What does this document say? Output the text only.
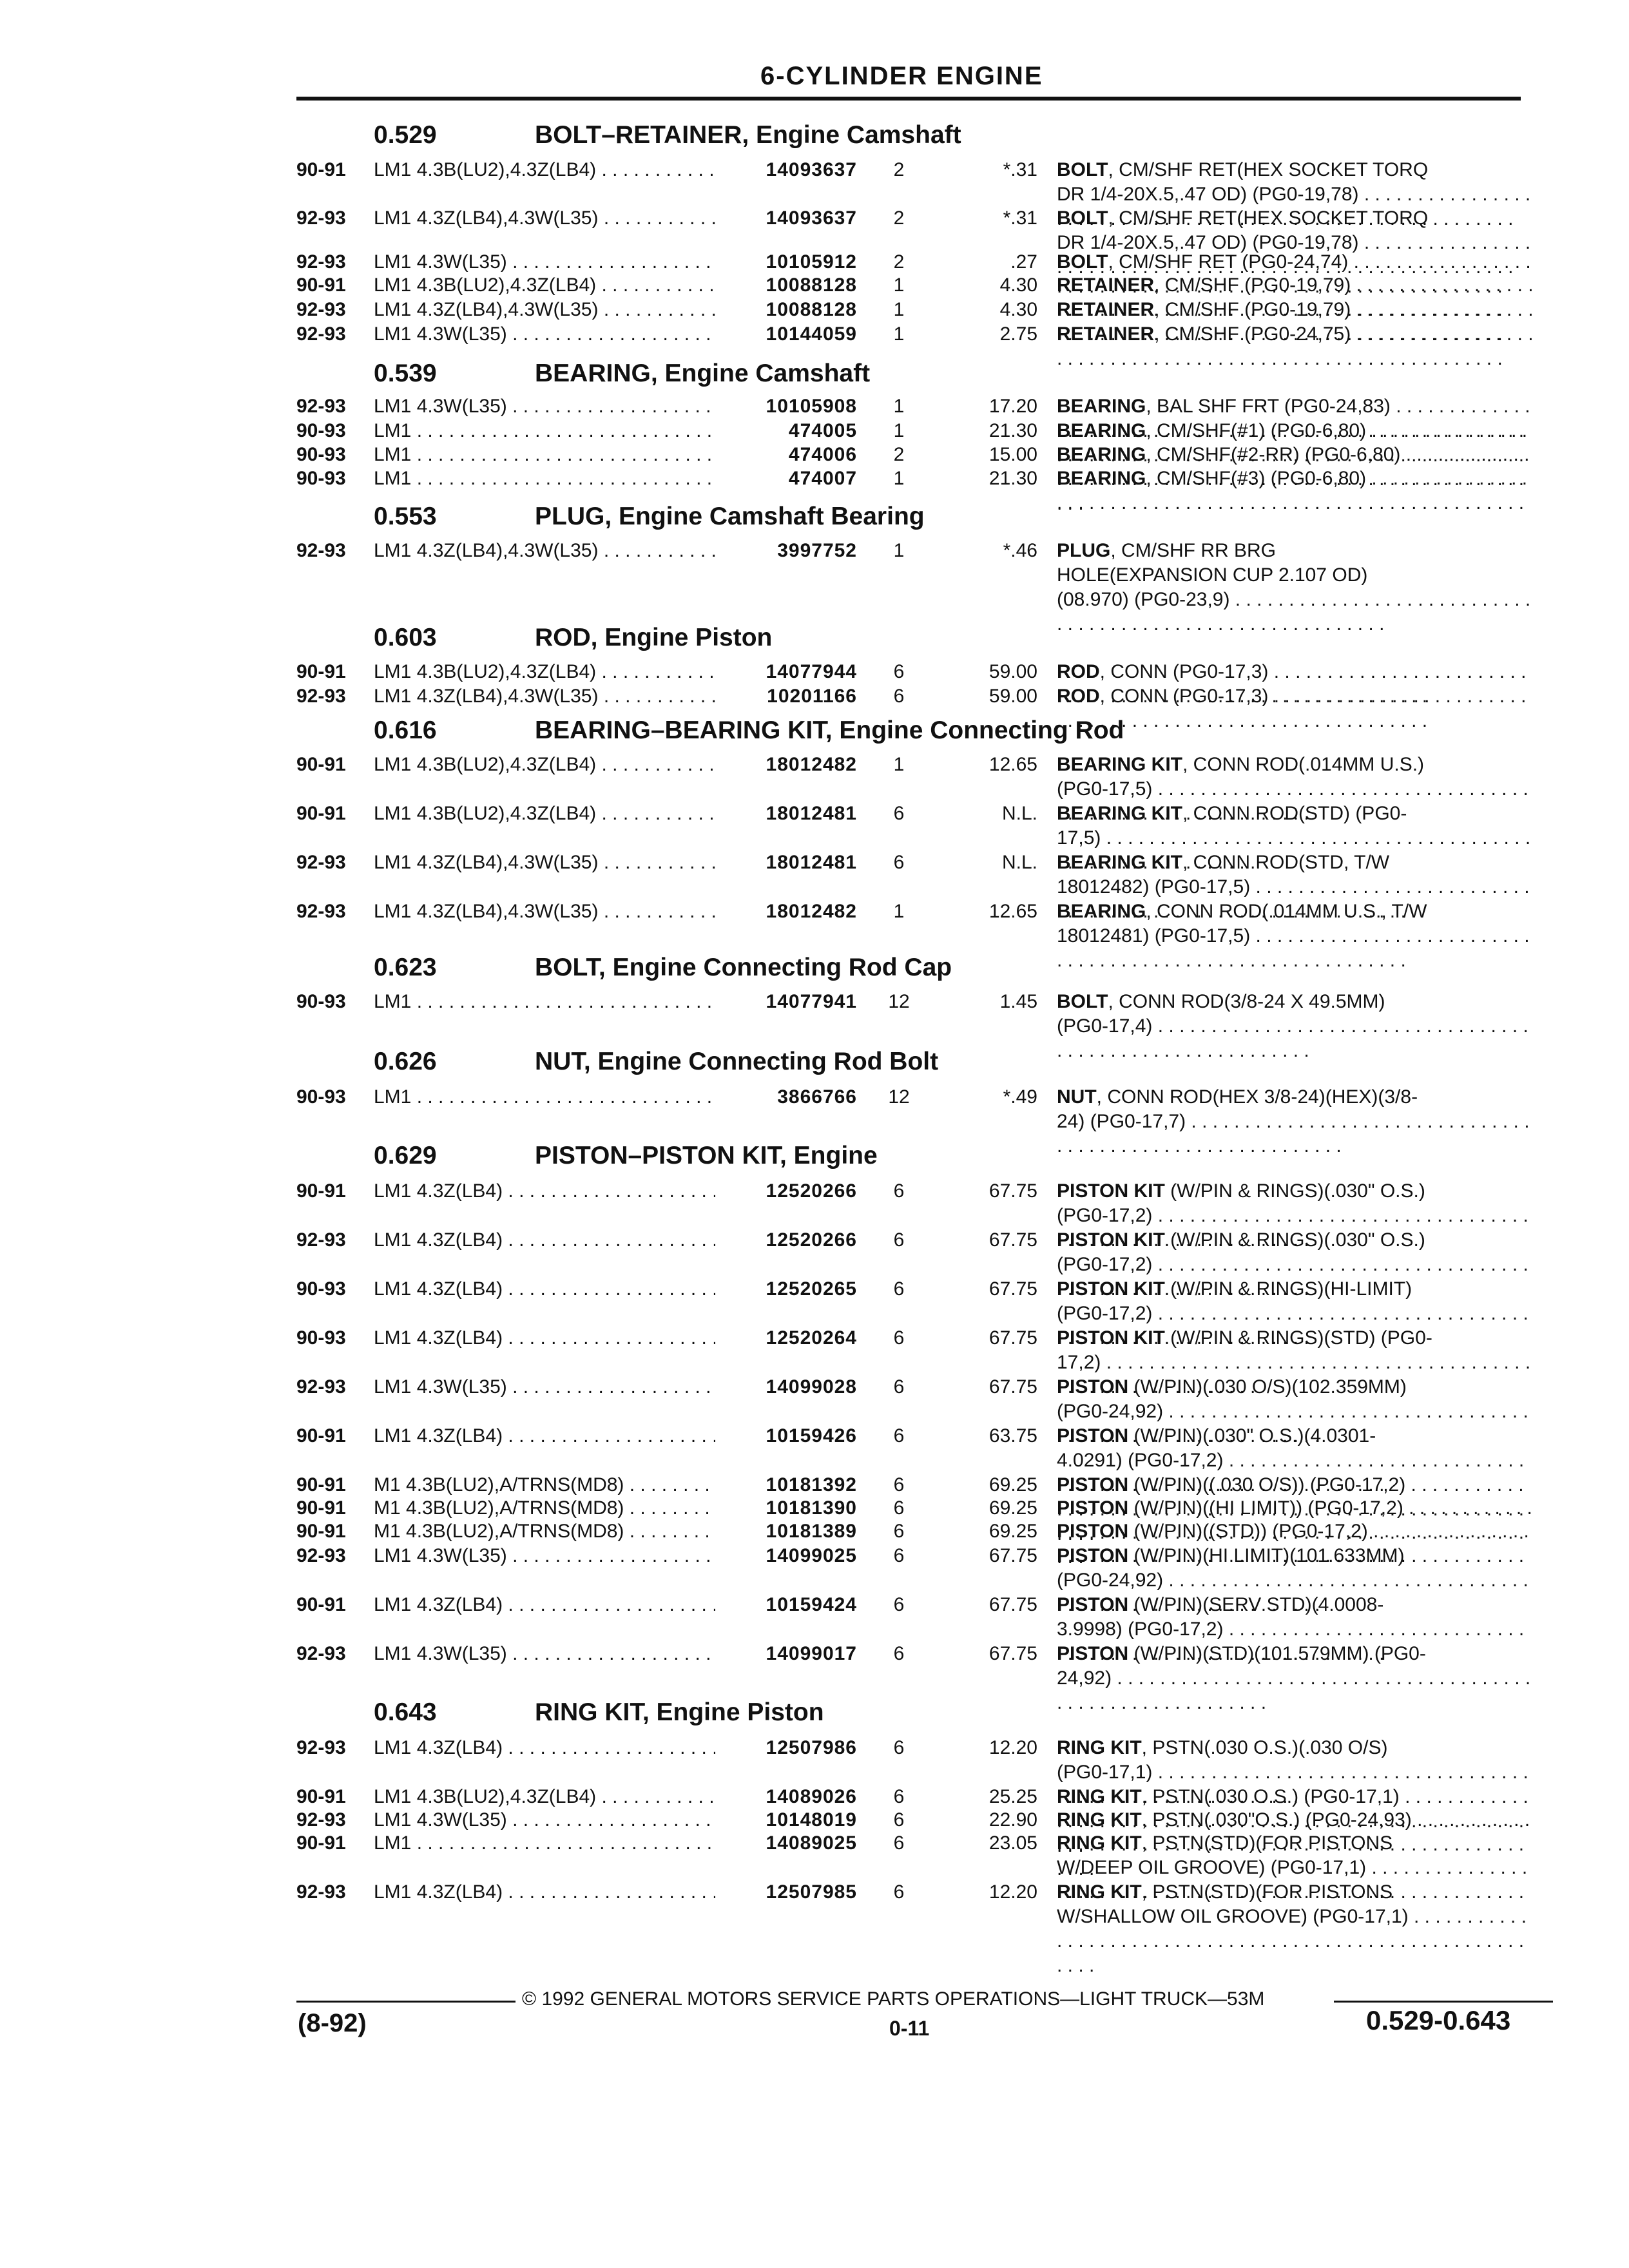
6-CYLINDER ENGINE
0.529	BOLT–RETAINER, Engine Camshaft
90-91 LM1 4.3B(LU2),4.3Z(LB4) . . .	14093637	2	*.31 BOLT, CM/SHF RET(HEX SOCKET TORQ
DR 1/4-20X.5,.47 OD) (PG0-19,78) . . .
92-93 LM1 4.3Z(LB4),4.3W(L35) . . .	14093637	2	*.31 BOLT, CM/SHF RET(HEX SOCKET TORQ
DR 1/4-20X.5,.47 OD) (PG0-19,78) . . .
92-93 LM1 4.3W(L35) . . .	10105912	2	.27 BOLT, CM/SHF RET (PG0-24,74) . . .
90-91 LM1 4.3B(LU2),4.3Z(LB4) . . .	10088128	1	4.30 RETAINER, CM/SHF (PG0-19,79) . . .
92-93 LM1 4.3Z(LB4),4.3W(L35) . . .	10088128	1	4.30 RETAINER, CM/SHF (PG0-19,79) . . .
92-93 LM1 4.3W(L35) . . .	10144059	1	2.75 RETAINER, CM/SHF (PG0-24,75) . . .
0.539	BEARING, Engine Camshaft
92-93 LM1 4.3W(L35) . . .	10105908	1	17.20 BEARING, BAL SHF FRT (PG0-24,83) . . .
90-93 LM1 . . .	474005	1	21.30 BEARING, CM/SHF(#1) (PG0-6,80) . . .
90-93 LM1 . . .	474006	2	15.00 BEARING, CM/SHF(#2-RR) (PG0-6,80) . . .
90-93 LM1 . . .	474007	1	21.30 BEARING, CM/SHF(#3) (PG0-6,80) . . .
0.553	PLUG, Engine Camshaft Bearing
92-93 LM1 4.3Z(LB4),4.3W(L35) . . .	3997752	1	*.46 PLUG, CM/SHF RR BRG
HOLE(EXPANSION CUP 2.107 OD)
(08.970) (PG0-23,9) . . .
0.603	ROD, Engine Piston
90-91 LM1 4.3B(LU2),4.3Z(LB4) . . .	14077944	6	59.00 ROD, CONN (PG0-17,3) . . .
92-93 LM1 4.3Z(LB4),4.3W(L35) . . .	10201166	6	59.00 ROD, CONN (PG0-17,3) . . .
0.616	BEARING–BEARING KIT, Engine Connecting Rod
90-91 LM1 4.3B(LU2),4.3Z(LB4) . . .	18012482	1	12.65 BEARING KIT, CONN ROD(.014MM U.S.)
(PG0-17,5) . . .
90-91 LM1 4.3B(LU2),4.3Z(LB4) . . .	18012481	6	N.L. BEARING KIT, CONN ROD(STD) (PG0-
17,5) . . .
92-93 LM1 4.3Z(LB4),4.3W(L35) . . .	18012481	6	N.L. BEARING KIT, CONN ROD(STD, T/W
18012482) (PG0-17,5) . . .
92-93 LM1 4.3Z(LB4),4.3W(L35) . . .	18012482	1	12.65 BEARING, CONN ROD(.014MM U.S., T/W
18012481) (PG0-17,5) . . .
0.623	BOLT, Engine Connecting Rod Cap
90-93 LM1 . . .	14077941	12	1.45 BOLT, CONN ROD(3/8-24 X 49.5MM)
(PG0-17,4) . . .
0.626	NUT, Engine Connecting Rod Bolt
90-93 LM1 . . .	3866766	12	*.49 NUT, CONN ROD(HEX 3/8-24)(HEX)(3/8-
24) (PG0-17,7) . . .
0.629	PISTON–PISTON KIT, Engine
90-91 LM1 4.3Z(LB4) . . .	12520266	6	67.75 PISTON KIT (W/PIN & RINGS)(.030" O.S.)
(PG0-17,2) . . .
92-93 LM1 4.3Z(LB4) . . .	12520266	6	67.75 PISTON KIT (W/PIN & RINGS)(.030" O.S.)
(PG0-17,2) . . .
90-93 LM1 4.3Z(LB4) . . .	12520265	6	67.75 PISTON KIT (W/PIN & RINGS)(HI-LIMIT)
(PG0-17,2) . . .
90-93 LM1 4.3Z(LB4) . . .	12520264	6	67.75 PISTON KIT (W/PIN & RINGS)(STD) (PG0-
17,2) . . .
92-93 LM1 4.3W(L35) . . .	14099028	6	67.75 PISTON (W/PIN)(.030 O/S)(102.359MM)
(PG0-24,92) . . .
90-91 LM1 4.3Z(LB4) . . .	10159426	6	63.75 PISTON (W/PIN)(.030" O.S.)(4.0301-
4.0291) (PG0-17,2) . . .
90-91 M1 4.3B(LU2),A/TRNS(MD8) . . .	10181392	6	69.25 PISTON (W/PIN)((.030 O/S)) (PG0-17,2) . . .
90-91 M1 4.3B(LU2),A/TRNS(MD8) . . .	10181390	6	69.25 PISTON (W/PIN)((HI LIMIT)) (PG0-17,2) . . .
90-91 M1 4.3B(LU2),A/TRNS(MD8) . . .	10181389	6	69.25 PISTON (W/PIN)((STD)) (PG0-17,2) . . .
92-93 LM1 4.3W(L35) . . .	14099025	6	67.75 PISTON (W/PIN)(HI LIMIT)(101.633MM)
(PG0-24,92) . . .
90-91 LM1 4.3Z(LB4) . . .	10159424	6	67.75 PISTON (W/PIN)(SERV STD)(4.0008-
3.9998) (PG0-17,2) . . .
92-93 LM1 4.3W(L35) . . .	14099017	6	67.75 PISTON (W/PIN)(STD)(101.579MM) (PG0-
24,92) . . .
0.643	RING KIT, Engine Piston
92-93 LM1 4.3Z(LB4) . . .	12507986	6	12.20 RING KIT, PSTN(.030 O.S.)(.030 O/S)
(PG0-17,1) . . .
90-91 LM1 4.3B(LU2),4.3Z(LB4) . . .	14089026	6	25.25 RING KIT, PSTN(.030 O.S.) (PG0-17,1) . . .
92-93 LM1 4.3W(L35) . . .	10148019	6	22.90 RING KIT, PSTN(.030"O.S.) (PG0-24,93) . . .
90-91 LM1 . . .	14089025	6	23.05 RING KIT, PSTN(STD)(FOR PISTONS
W/DEEP OIL GROOVE) (PG0-17,1) . . .
92-93 LM1 4.3Z(LB4) . . .	12507985	6	12.20 RING KIT, PSTN(STD)(FOR PISTONS
W/SHALLOW OIL GROOVE) (PG0-17,1) . . .
© 1992 GENERAL MOTORS SERVICE PARTS OPERATIONS—LIGHT TRUCK—53M
(8-92)	0-11	0.529-0.643
